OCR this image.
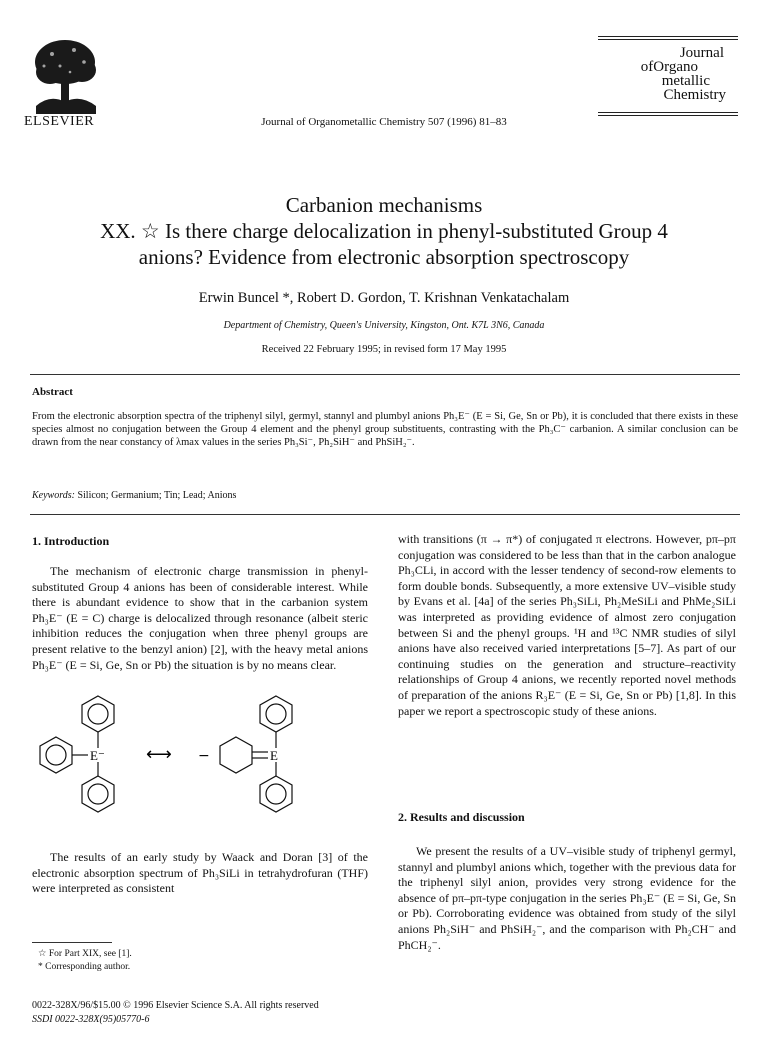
ELSEVIER	Journal of Organometallic Chemistry 507 (1996) 81–83
Journal
ofOrgano
metallic
Chemistry
Carbanion mechanisms
XX. ☆ Is there charge delocalization in phenyl-substituted Group 4
anions? Evidence from electronic absorption spectroscopy
Erwin Buncel *, Robert D. Gordon, T. Krishnan Venkatachalam
Department of Chemistry, Queen's University, Kingston, Ont. K7L 3N6, Canada
Received 22 February 1995; in revised form 17 May 1995
Abstract
From the electronic absorption spectra of the triphenyl silyl, germyl, stannyl and plumbyl anions Ph₃E⁻ (E = Si, Ge, Sn or Pb), it is concluded that there exists in these species almost no conjugation between the Group 4 element and the phenyl group substituents, contrasting with the Ph₃C⁻ carbanion. A similar conclusion can be drawn from the near constancy of λmax values in the series Ph₃Si⁻, Ph₂SiH⁻ and PhSiH₂⁻.
Keywords: Silicon; Germanium; Tin; Lead; Anions
1. Introduction

The mechanism of electronic charge transmission in phenyl-substituted Group 4 anions has been of considerable interest. While there is abundant evidence to show that in the carbanion system Ph₃E⁻ (E = C) charge is delocalized through resonance (albeit steric inhibition reduces the conjugation when three phenyl groups are present relative to the benzyl anion) [2], with the heavy metal anions Ph₃E⁻ (E = Si, Ge, Sn or Pb) the situation is by no means clear.

E⁻ ⟷ −	E

The results of an early study by Waack and Doran [3] of the electronic absorption spectrum of Ph₃SiLi in tetrahydrofuran (THF) were interpreted as consistent

☆ For Part XIX, see [1].
* Corresponding author.
0022-328X/96/$15.00 © 1996 Elsevier Science S.A. All rights reserved
SSDI 0022-328X(95)05770-6

with transitions (π → π*) of conjugated π electrons. However, pπ–pπ conjugation was considered to be less than that in the carbon analogue Ph₃CLi, in accord with the lesser tendency of second-row elements to form double bonds. Subsequently, a more extensive UV–visible study by Evans et al. [4a] of the series Ph₃SiLi, Ph₂MeSiLi and PhMe₂SiLi was interpreted as providing evidence of almost zero conjugation between Si and the phenyl groups. ¹H and ¹³C NMR studies of silyl anions have also received varied interpretations [5–7]. As part of our continuing studies on the generation and structure–reactivity relationships of Group 4 anions, we recently reported novel methods of preparation of the anions R₃E⁻ (E = Si, Ge, Sn or Pb) [1,8]. In this paper we report a spectroscopic study of these anions.

2. Results and discussion

We present the results of a UV–visible study of triphenyl germyl, stannyl and plumbyl anions which, together with the previous data for the triphenyl silyl anion, provides very strong evidence for the absence of pπ–pπ-type conjugation in the series Ph₃E⁻ (E = Si, Ge, Sn or Pb). Corroborating evidence was obtained from study of the silyl anions Ph₂SiH⁻ and PhSiH₂⁻, and the comparison with Ph₂CH⁻ and PhCH₂⁻.
